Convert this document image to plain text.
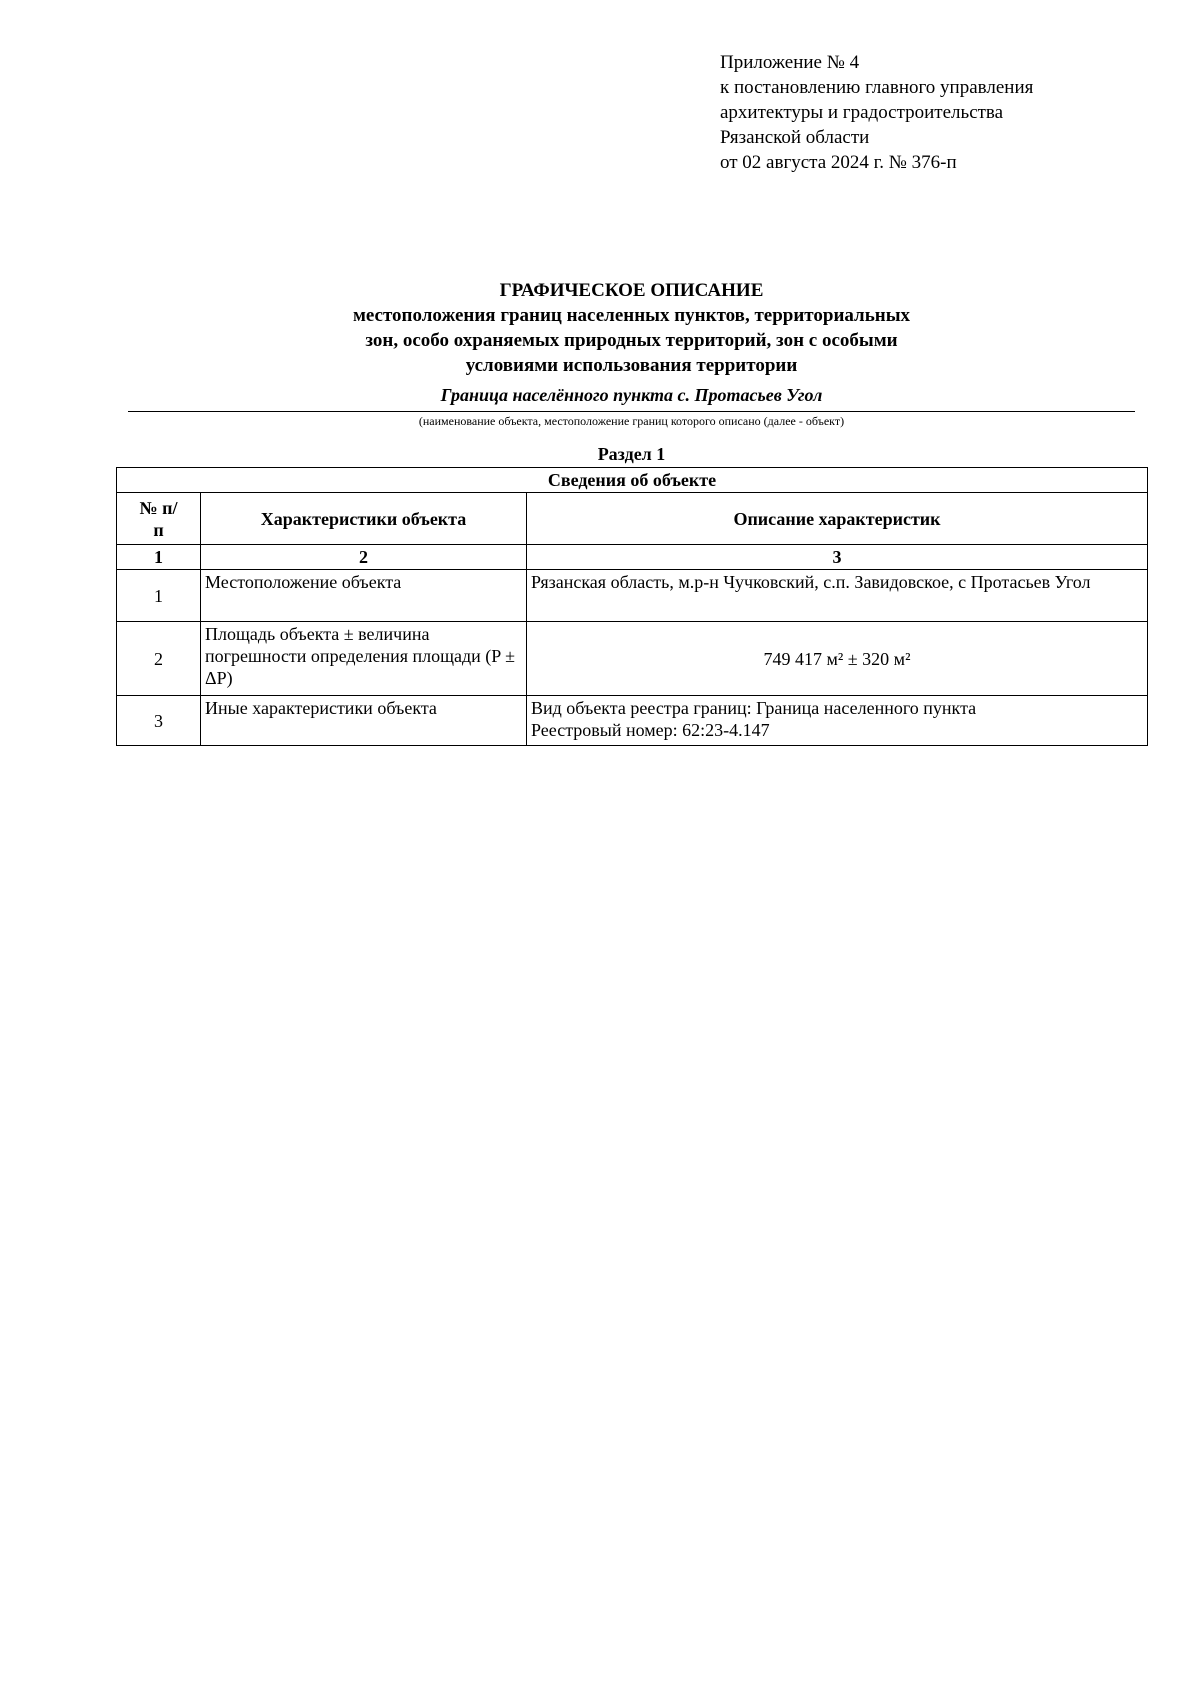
Приложение № 4
к постановлению главного управления
архитектуры и градостроительства
Рязанской области
от 02 августа 2024 г. № 376-п
ГРАФИЧЕСКОЕ ОПИСАНИЕ
местоположения границ населенных пунктов, территориальных
зон, особо охраняемых природных территорий, зон с особыми
условиями использования территории
Граница населённого пункта с. Протасьев Угол
(наименование объекта, местоположение границ которого описано (далее - объект)
Раздел 1
Сведения об объекте		
№ п/п	Характеристики объекта	Описание характеристик
1	2	3
1	Местоположение объекта	Рязанская область, м.р-н Чучковский, с.п. Завидовское, с Протасьев Угол
2	Площадь объекта ± величина погрешности определения площади (P ± ΔP)	749 417 м² ± 320 м²
3	Иные характеристики объекта	Вид объекта реестра границ: Граница населенного пункта
Реестровый номер: 62:23-4.147
